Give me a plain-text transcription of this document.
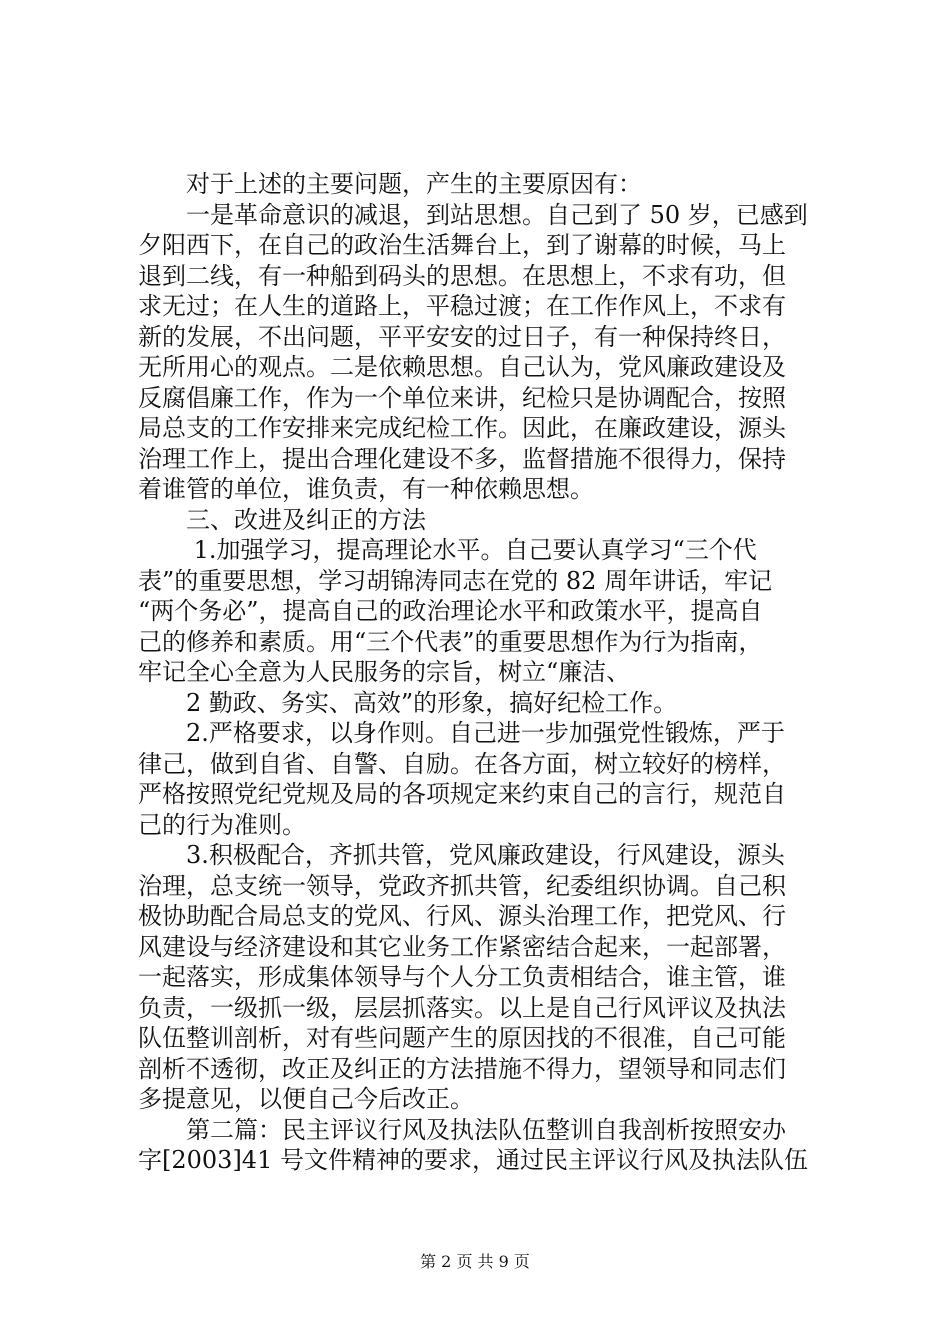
　　对于上述的主要问题，产生的主要原因有：
　　一是革命意识的减退，到站思想。自己到了 50 岁，已感到
夕阳西下，在自己的政治生活舞台上，到了谢幕的时候，马上
退到二线，有一种船到码头的思想。在思想上，不求有功，但
求无过；在人生的道路上，平稳过渡；在工作作风上，不求有
新的发展，不出问题，平平安安的过日子，有一种保持终日，
无所用心的观点。二是依赖思想。自己认为，党风廉政建设及
反腐倡廉工作，作为一个单位来讲，纪检只是协调配合，按照
局总支的工作安排来完成纪检工作。因此，在廉政建设，源头
治理工作上，提出合理化建设不多，监督措施不很得力，保持
着谁管的单位，谁负责，有一种依赖思想。
　　三、改进及纠正的方法
　　 1.加强学习，提高理论水平。自己要认真学习“三个代
表”的重要思想，学习胡锦涛同志在党的 82 周年讲话，牢记
“两个务必”，提高自己的政治理论水平和政策水平，提高自
己的修养和素质。用“三个代表”的重要思想作为行为指南，
牢记全心全意为人民服务的宗旨，树立“廉洁、
　　2 勤政、务实、高效”的形象，搞好纪检工作。
　　2.严格要求，以身作则。自己进一步加强党性锻炼，严于
律己，做到自省、自警、自励。在各方面，树立较好的榜样，
严格按照党纪党规及局的各项规定来约束自己的言行，规范自
己的行为准则。
　　3.积极配合，齐抓共管，党风廉政建设，行风建设，源头
治理，总支统一领导，党政齐抓共管，纪委组织协调。自己积
极协助配合局总支的党风、行风、源头治理工作，把党风、行
风建设与经济建设和其它业务工作紧密结合起来，一起部署，
一起落实，形成集体领导与个人分工负责相结合，谁主管，谁
负责，一级抓一级，层层抓落实。以上是自己行风评议及执法
队伍整训剖析，对有些问题产生的原因找的不很准，自己可能
剖析不透彻，改正及纠正的方法措施不得力，望领导和同志们
多提意见，以便自己今后改正。
　　第二篇：民主评议行风及执法队伍整训自我剖析按照安办
字[2003]41 号文件精神的要求，通过民主评议行风及执法队伍
第 2 页 共 9 页
